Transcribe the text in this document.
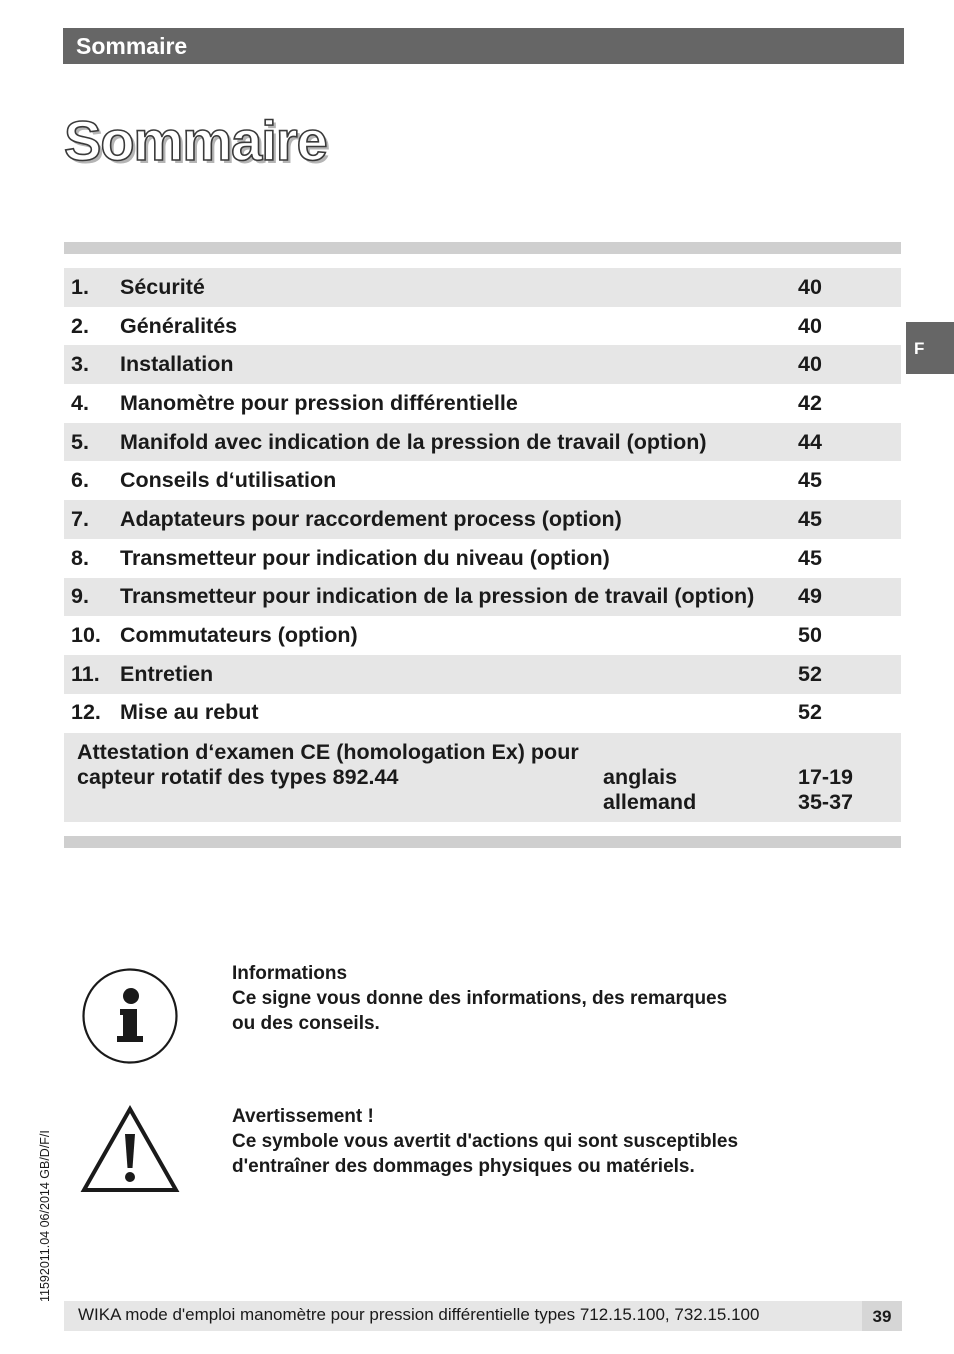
Sommaire
Sommaire
F
1.	Sécurité	40
2.	Généralités	40
3.	Installation	40
4.	Manomètre pour pression différentielle	42
5.	Manifold avec indication de la pression de travail (option)	44
6.	Conseils d‘utilisation	45
7.	Adaptateurs pour raccordement process (option)	45
8.	Transmetteur pour indication du niveau (option)	45
9.	Transmetteur pour indication de la pression de travail (option)	49
10. Commutateurs (option)	50
11. Entretien	52
12. Mise au rebut	52
Attestation d‘examen CE (homologation Ex) pour
capteur rotatif des types 892.44	anglais	17-19
allemand	35-37
Informations
Ce signe vous donne des informations, des remarques
ou des conseils.
Avertissement !
Ce symbole vous avertit d'actions qui sont susceptibles
d'entraîner des dommages physiques ou matériels.
11592011.04 06/2014 GB/D/F/I
WIKA mode d'emploi manomètre pour pression différentielle types 712.15.100, 732.15.100	39
